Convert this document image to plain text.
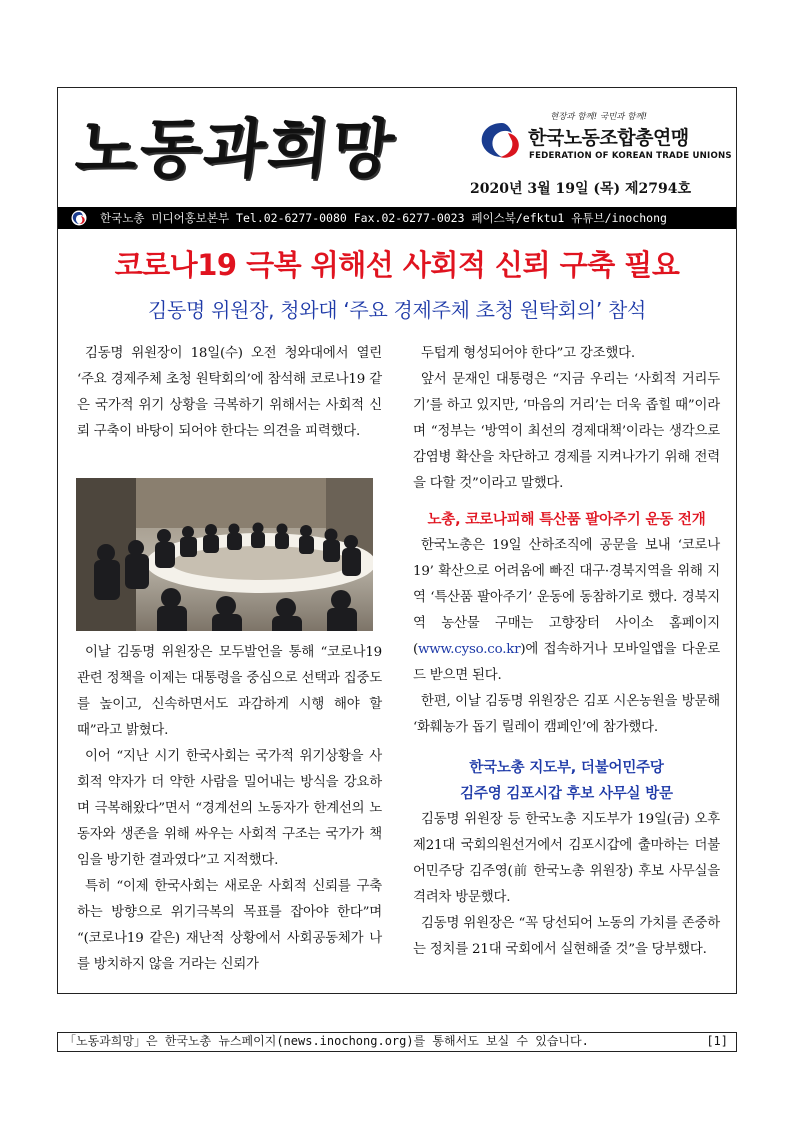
노동과희망	현장과 함께! 국민과 함께!
한국노동조합총연맹
FEDERATION OF KOREAN TRADE UNIONS
2020년 3월 19일 (목) 제2794호
한국노총 미디어홍보본부 Tel.02-6277-0080 Fax.02-6277-0023 페이스북/efktu1 유튜브/inochong
코로나19 극복 위해선 사회적 신뢰 구축 필요
김동명 위원장, 청와대 ‘주요 경제주체 초청 원탁회의’ 참석

김동명 위원장이 18일(수) 오전 청와대에서 열린 ‘주요 경제주체 초청 원탁회의’에 참석해 코로나19 같은 국가적 위기 상황을 극복하기 위해서는 사회적 신뢰 구축이 바탕이 되어야 한다는 의견을 피력했다.

이날 김동명 위원장은 모두발언을 통해 “코로나19 관련 정책을 이제는 대통령을 중심으로 선택과 집중도를 높이고, 신속하면서도 과감하게 시행 해야 할 때”라고 밝혔다.

이어 “지난 시기 한국사회는 국가적 위기상황을 사회적 약자가 더 약한 사람을 밀어내는 방식을 강요하며 극복해왔다”면서 “경계선의 노동자가 한계선의 노동자와 생존을 위해 싸우는 사회적 구조는 국가가 책임을 방기한 결과였다”고 지적했다.

특히 “이제 한국사회는 새로운 사회적 신뢰를 구축하는 방향으로 위기극복의 목표를 잡아야 한다”며 “(코로나19 같은) 재난적 상황에서 사회공동체가 나를 방치하지 않을 거라는 신뢰가

두텁게 형성되어야 한다”고 강조했다.

앞서 문재인 대통령은 “지금 우리는 ‘사회적 거리두기’를 하고 있지만, ‘마음의 거리’는 더욱 좁힐 때”이라며 “정부는 ‘방역이 최선의 경제대책’이라는 생각으로 감염병 확산을 차단하고 경제를 지켜나가기 위해 전력을 다할 것”이라고 말했다.

노총, 코로나피해 특산품 팔아주기 운동 전개

한국노총은 19일 산하조직에 공문을 보내 ‘코로나19’ 확산으로 어려움에 빠진 대구·경북지역을 위해 지역 ‘특산품 팔아주기’ 운동에 동참하기로 했다. 경북지역 농산물 구매는 고향장터 사이소 홈페이지(www.cyso.co.kr)에 접속하거나 모바일앱을 다운로드 받으면 된다.

한편, 이날 김동명 위원장은 김포 시온농원을 방문해 ‘화훼농가 돕기 릴레이 캠페인’에 참가했다.

한국노총 지도부, 더불어민주당

김주영 김포시갑 후보 사무실 방문

김동명 위원장 등 한국노총 지도부가 19일(금) 오후 제21대 국회의원선거에서 김포시갑에 출마하는 더불어민주당 김주영(前 한국노총 위원장) 후보 사무실을 격려차 방문했다.

김동명 위원장은 “꼭 당선되어 노동의 가치를 존중하는 정치를 21대 국회에서 실현해줄 것”을 당부했다.

「노동과희망」은 한국노총 뉴스페이지(news.inochong.org)를 통해서도 보실 수 있습니다.	[1]
